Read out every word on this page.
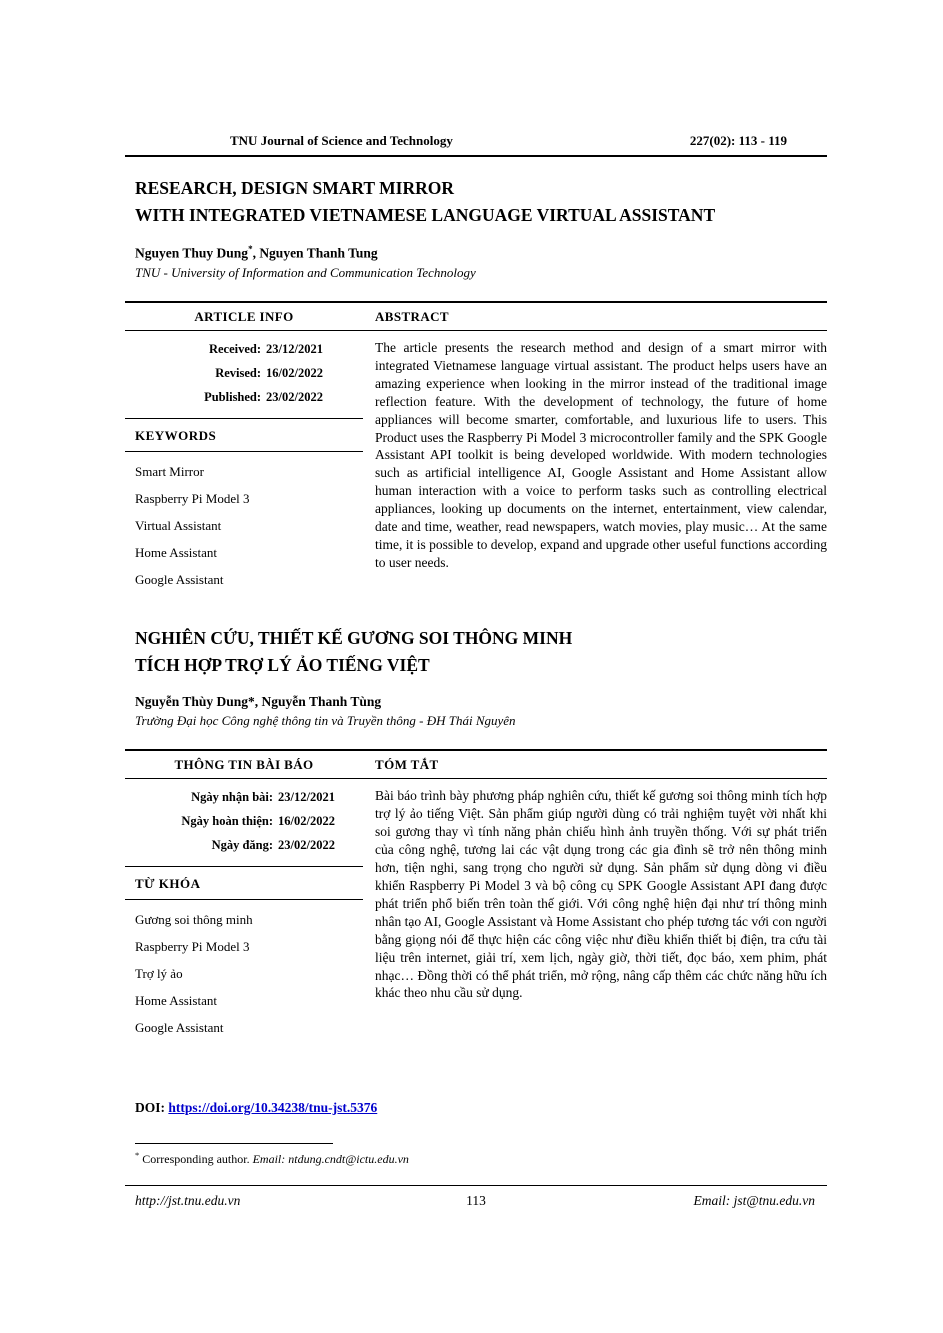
TNU Journal of Science and Technology	227(02): 113 - 119
RESEARCH, DESIGN SMART MIRROR
WITH INTEGRATED VIETNAMESE LANGUAGE VIRTUAL ASSISTANT
Nguyen Thuy Dung*, Nguyen Thanh Tung
TNU - University of Information and Communication Technology
ARTICLE INFO	ABSTRACT
Received: 23/12/2021
Revised: 16/02/2022
Published: 23/02/2022
KEYWORDS
Smart Mirror
Raspberry Pi Model 3
Virtual Assistant
Home Assistant
Google Assistant
The article presents the research method and design of a smart mirror with integrated Vietnamese language virtual assistant. The product helps users have an amazing experience when looking in the mirror instead of the traditional image reflection feature. With the development of technology, the future of home appliances will become smarter, comfortable, and luxurious life to users. This Product uses the Raspberry Pi Model 3 microcontroller family and the SPK Google Assistant API toolkit is being developed worldwide. With modern technologies such as artificial intelligence AI, Google Assistant and Home Assistant allow human interaction with a voice to perform tasks such as controlling electrical appliances, looking up documents on the internet, entertainment, view calendar, date and time, weather, read newspapers, watch movies, play music… At the same time, it is possible to develop, expand and upgrade other useful functions according to user needs.
NGHIÊN CỨU, THIẾT KẾ GƯƠNG SOI THÔNG MINH
TÍCH HỢP TRỢ LÝ ẢO TIẾNG VIỆT
Nguyễn Thùy Dung*, Nguyễn Thanh Tùng
Trường Đại học Công nghệ thông tin và Truyền thông - ĐH Thái Nguyên
THÔNG TIN BÀI BÁO	TÓM TẮT
Ngày nhận bài: 23/12/2021
Ngày hoàn thiện: 16/02/2022
Ngày đăng: 23/02/2022
TỪ KHÓA
Gương soi thông minh
Raspberry Pi Model 3
Trợ lý ảo
Home Assistant
Google Assistant
Bài báo trình bày phương pháp nghiên cứu, thiết kế gương soi thông minh tích hợp trợ lý ảo tiếng Việt. Sản phẩm giúp người dùng có trải nghiệm tuyệt vời nhất khi soi gương thay vì tính năng phản chiếu hình ảnh truyền thống. Với sự phát triển của công nghệ, tương lai các vật dụng trong các gia đình sẽ trở nên thông minh hơn, tiện nghi, sang trọng cho người sử dụng. Sản phẩm sử dụng dòng vi điều khiển Raspberry Pi Model 3 và bộ công cụ SPK Google Assistant API đang được phát triển phổ biến trên toàn thế giới. Với công nghệ hiện đại như trí thông minh nhân tạo AI, Google Assistant và Home Assistant cho phép tương tác với con người bằng giọng nói để thực hiện các công việc như điều khiển thiết bị điện, tra cứu tài liệu trên internet, giải trí, xem lịch, ngày giờ, thời tiết, đọc báo, xem phim, phát nhạc… Đồng thời có thể phát triển, mở rộng, nâng cấp thêm các chức năng hữu ích khác theo nhu cầu sử dụng.
DOI: https://doi.org/10.34238/tnu-jst.5376
* Corresponding author. Email: ntdung.cndt@ictu.edu.vn
http://jst.tnu.edu.vn	113	Email: jst@tnu.edu.vn
